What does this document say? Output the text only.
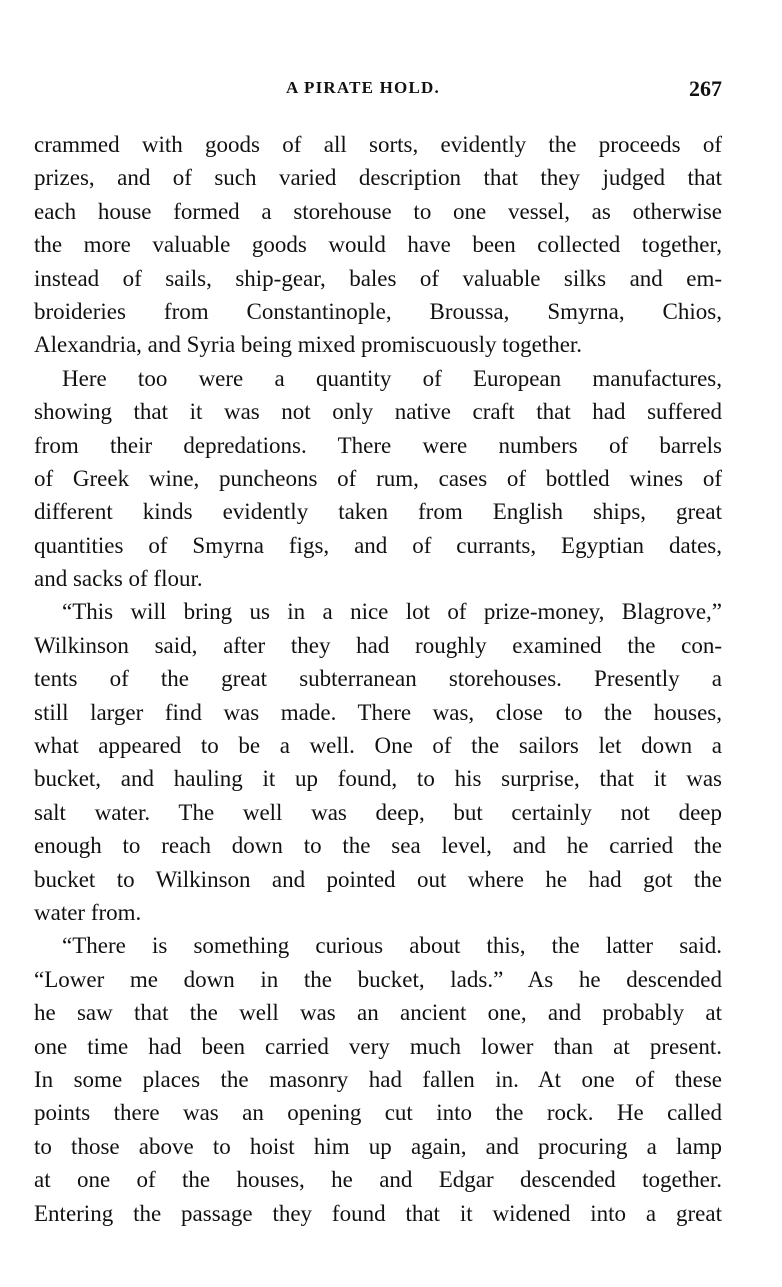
A PIRATE HOLD.	267
crammed with goods of all sorts, evidently the proceeds of
prizes, and of such varied description that they judged that
each house formed a storehouse to one vessel, as otherwise
the more valuable goods would have been collected together,
instead of sails, ship-gear, bales of valuable silks and em-
broideries from Constantinople, Broussa, Smyrna, Chios,
Alexandria, and Syria being mixed promiscuously together.
Here too were a quantity of European manufactures,
showing that it was not only native craft that had suffered
from their depredations. There were numbers of barrels
of Greek wine, puncheons of rum, cases of bottled wines of
different kinds evidently taken from English ships, great
quantities of Smyrna figs, and of currants, Egyptian dates,
and sacks of flour.
“This will bring us in a nice lot of prize-money, Blagrove,”
Wilkinson said, after they had roughly examined the con-
tents of the great subterranean storehouses. Presently a
still larger find was made. There was, close to the houses,
what appeared to be a well. One of the sailors let down a
bucket, and hauling it up found, to his surprise, that it was
salt water. The well was deep, but certainly not deep
enough to reach down to the sea level, and he carried the
bucket to Wilkinson and pointed out where he had got the
water from.
“There is something curious about this, the latter said.
“Lower me down in the bucket, lads.” As he descended
he saw that the well was an ancient one, and probably at
one time had been carried very much lower than at present.
In some places the masonry had fallen in. At one of these
points there was an opening cut into the rock. He called
to those above to hoist him up again, and procuring a lamp
at one of the houses, he and Edgar descended together.
Entering the passage they found that it widened into a great
